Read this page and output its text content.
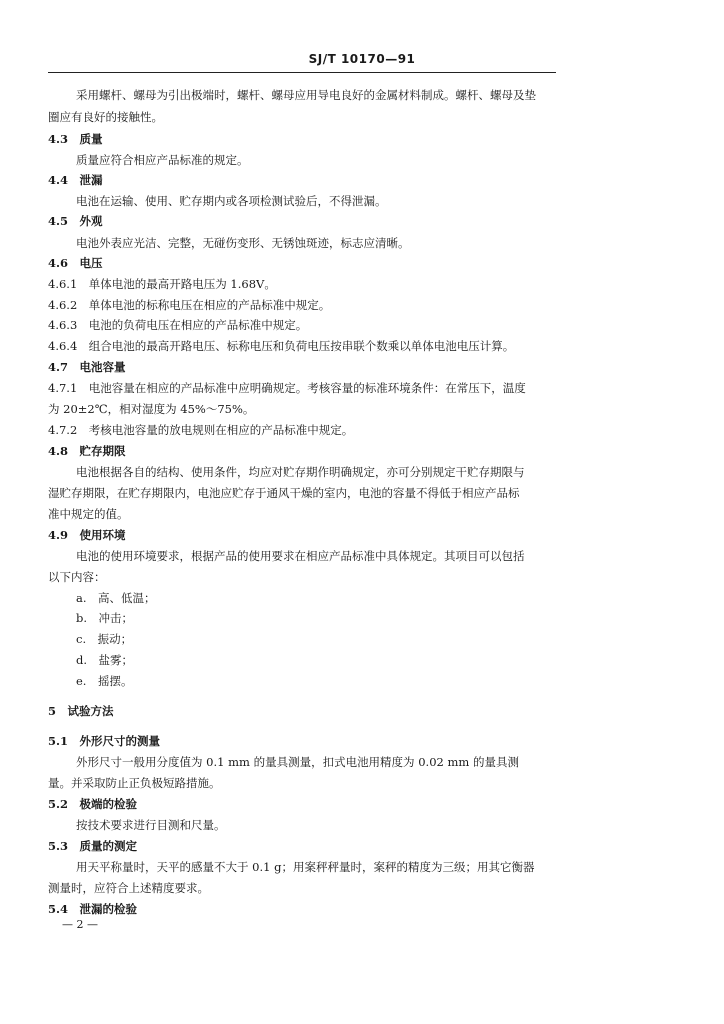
SJ/T 10170—91
采用螺杆、螺母为引出极端时，螺杆、螺母应用导电良好的金属材料制成。螺杆、螺母及垫
圈应有良好的接触性。
4.3　质量
质量应符合相应产品标准的规定。
4.4　泄漏
电池在运输、使用、贮存期内或各项检测试验后，不得泄漏。
4.5　外观
电池外表应光洁、完整，无碰伤变形、无锈蚀斑迹，标志应清晰。
4.6　电压
4.6.1　单体电池的最高开路电压为 1.68V。
4.6.2　单体电池的标称电压在相应的产品标准中规定。
4.6.3　电池的负荷电压在相应的产品标准中规定。
4.6.4　组合电池的最高开路电压、标称电压和负荷电压按串联个数乘以单体电池电压计算。
4.7　电池容量
4.7.1　电池容量在相应的产品标准中应明确规定。考核容量的标准环境条件：在常压下，温度
为 20±2℃，相对湿度为 45%～75%。
4.7.2　考核电池容量的放电规则在相应的产品标准中规定。
4.8　贮存期限
电池根据各自的结构、使用条件，均应对贮存期作明确规定，亦可分别规定干贮存期限与
湿贮存期限，在贮存期限内，电池应贮存于通风干燥的室内，电池的容量不得低于相应产品标
准中规定的值。
4.9　使用环境
电池的使用环境要求，根据产品的使用要求在相应产品标准中具体规定。其项目可以包括
以下内容：
a.　高、低温；
b.　冲击；
c.　振动；
d.　盐雾；
e.　摇摆。
5　试验方法
5.1　外形尺寸的测量
外形尺寸一般用分度值为 0.1 mm 的量具测量，扣式电池用精度为 0.02 mm 的量具测
量。并采取防止正负极短路措施。
5.2　极端的检验
按技术要求进行目测和尺量。
5.3　质量的测定
用天平称量时，天平的感量不大于 0.1 g；用案秤秤量时，案秤的精度为三级；用其它衡器
测量时，应符合上述精度要求。
5.4　泄漏的检验
— 2 —
